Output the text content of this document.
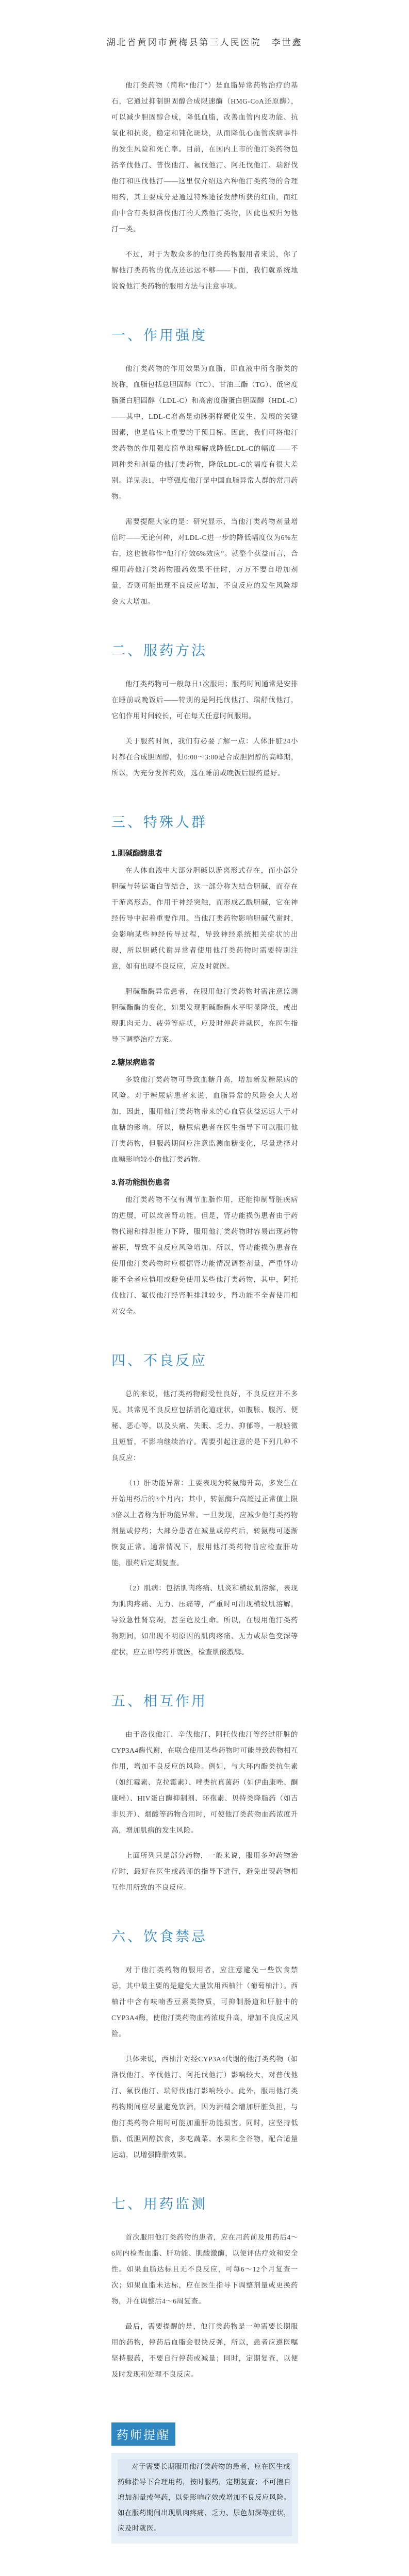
湖北省黄冈市黄梅县第三人民医院　李世鑫

他汀类药物（简称“他汀”）是血脂异常药物治疗的基石，它通过抑制胆固醇合成限速酶（HMG-CoA还原酶），可以减少胆固醇合成，降低血脂，改善血管内皮功能、抗氧化和抗炎，稳定和钝化斑块，从而降低心血管疾病事件的发生风险和死亡率。目前，在国内上市的他汀类药物包括辛伐他汀、普伐他汀、氟伐他汀、阿托伐他汀、瑞舒伐他汀和匹伐他汀——这里仅介绍这六种他汀类药物的合理用药，其主要成分是通过特殊途径发酵所获的红曲，而红曲中含有类似洛伐他汀的天然他汀类物，因此也被归为他汀一类。

不过，对于为数众多的他汀类药物服用者来说，你了解他汀类药物的优点还远远不够——下面，我们就系统地说说他汀类药物的服用方法与注意事项。

一、作用强度

他汀类药物的作用效果为血脂，即血液中所含脂类的统称，血脂包括总胆固醇（TC）、甘油三酯（TG）、低密度脂蛋白胆固醇（LDL-C）和高密度脂蛋白胆固醇（HDL-C）——其中，LDL-C增高是动脉粥样硬化发生、发展的关键因素，也是临床上重要的干预目标。因此，我们可将他汀类药物的作用强度简单地理解成降低LDL-C的幅度——不同种类和剂量的他汀类药物，降低LDL-C的幅度有很大差别。详见表1，中等强度他汀是中国血脂异常人群的常用药物。

需要提醒大家的是：研究显示，当他汀类药物剂量增倍时——无论何种，对LDL-C进一步的降低幅度仅为6%左右，这也被称作“他汀疗效6%效应”。就整个获益而言，合理用药他汀类药物服药效果不佳时，万万不要自增加剂量，否则可能出现不良反应增加，不良反应的发生风险却会大大增加。

二、服药方法

他汀类药物可一般每日1次服用；服药时间通常是安排在睡前或晚饭后——特别的是阿托伐他汀、瑞舒伐他汀，它们作用时间较长，可在每天任意时间服用。

关于服药时间，我们有必要了解一点：人体肝脏24小时都在合成胆固醇，但0:00～3:00是合成胆固醇的高峰期，所以，为充分发挥药效，选在睡前或晚饭后服药最好。

三、特殊人群
1.胆碱酯酶患者

在人体血液中大部分胆碱以游离形式存在，而小部分胆碱与转运蛋白等结合，这一部分称为结合胆碱，而存在于游离形态，作用于神经突触，而形成乙酰胆碱，它在神经传导中起着重要作用。当他汀类药物影响胆碱代谢时，会影响某些神经传导过程，导致神经系统相关症状的出现，所以胆碱代谢异常者使用他汀类药物时需要特别注意，如有出现不良反应，应及时就医。

胆碱酯酶异常患者，在服用他汀类药物时需注意监测胆碱酯酶的变化，如果发现胆碱酯酶水平明显降低，或出现肌肉无力、疲劳等症状，应及时停药并就医，在医生指导下调整治疗方案。

2.糖尿病患者

多数他汀类药物可导致血糖升高，增加新发糖尿病的风险。对于糖尿病患者来说，血脂异常的风险会大大增加，因此，服用他汀类药物带来的心血管获益远远大于对血糖的影响。所以，糖尿病患者在医生指导下可以服用他汀类药物，但服药期间应注意监测血糖变化，尽量选择对血糖影响较小的他汀类药物。

3.肾功能损伤患者

他汀类药物不仅有调节血脂作用，还能抑制肾脏疾病的进展，可以改善肾功能。但是，肾功能损伤患者由于药物代谢和排泄能力下降，服用他汀类药物时容易出现药物蓄积，导致不良反应风险增加。所以，肾功能损伤患者在使用他汀类药物时应根据肾功能情况调整剂量，严重肾功能不全者应慎用或避免使用某些他汀类药物，其中，阿托伐他汀、氟伐他汀经肾脏排泄较少，肾功能不全者使用相对安全。

四、不良反应

总的来说，他汀类药物耐受性良好，不良反应并不多见。其常见不良反应包括消化道症状，如腹胀、腹泻、便秘、恶心等，以及头痛、失眠、乏力、抑郁等，一般轻微且短暂，不影响继续治疗。需要引起注意的是下列几种不良反应：

（1）肝功能异常：主要表现为转氨酶升高，多发生在开始用药后的3个月内；其中，转氨酶升高超过正常值上限3倍以上者称为肝功能异常。一旦发现，应减少他汀类药物剂量或停药；大部分患者在减量或停药后，转氨酶可逐渐恢复正常。通常情况下，服用他汀类药物前应检查肝功能，服药后定期复查。

（2）肌病：包括肌肉疼痛、肌炎和横纹肌溶解，表现为肌肉疼痛、无力、压痛等，严重时可出现横纹肌溶解，导致急性肾衰竭，甚至危及生命。所以，在服用他汀类药物期间，如出现不明原因的肌肉疼痛、无力或尿色变深等症状，应立即停药并就医，检查肌酸激酶。

五、相互作用

由于洛伐他汀、辛伐他汀、阿托伐他汀等经过肝脏的CYP3A4酶代谢，在联合使用某些药物时可能导致药物相互作用，增加不良反应的风险。例如，与大环内酯类抗生素（如红霉素、克拉霉素）、唑类抗真菌药（如伊曲康唑、酮康唑）、HIV蛋白酶抑制剂、环孢素、贝特类降脂药（如吉非贝齐）、烟酸等药物合用时，可使他汀类药物血药浓度升高，增加肌病的发生风险。

上面所列只是部分药物，一般来说，服用多种药物治疗时，最好在医生或药师的指导下进行，避免出现药物相互作用所致的不良反应。

六、饮食禁忌

对于他汀类药物的服用者，应注意避免一些饮食禁忌，其中最主要的是避免大量饮用西柚汁（葡萄柚汁）。西柚汁中含有呋喃香豆素类物质，可抑制肠道和肝脏中的CYP3A4酶，使他汀类药物血药浓度升高，增加不良反应风险。

具体来说，西柚汁对经CYP3A4代谢的他汀类药物（如洛伐他汀、辛伐他汀、阿托伐他汀）影响较大，对普伐他汀、氟伐他汀、瑞舒伐他汀影响较小。此外，服用他汀类药物期间应尽量避免饮酒，因为酒精会增加肝脏负担，与他汀类药物合用时可能加重肝功能损害。同时，应坚持低脂、低胆固醇饮食，多吃蔬菜、水果和全谷物，配合适量运动，以增强降脂效果。

七、用药监测

首次服用他汀类药物的患者，应在用药前及用药后4～6周内检查血脂、肝功能、肌酸激酶，以便评估疗效和安全性。如果血脂达标且无不良反应，可每6～12个月复查一次；如果血脂未达标，应在医生指导下调整剂量或更换药物，并在调整后4～6周复查。

最后，需要提醒的是，他汀类药物是一种需要长期服用的药物，停药后血脂会很快反弹，所以，患者应遵医嘱坚持服药，不要自行停药或减量；同时，定期复查，以便及时发现和处理不良反应。

药师提醒

对于需要长期服用他汀类药物的患者，应在医生或药师指导下合理用药，按时服药，定期复查；不可擅自增加剂量或停药，以免影响疗效或增加不良反应风险。如在服药期间出现肌肉疼痛、乏力、尿色加深等症状，应及时就医。
